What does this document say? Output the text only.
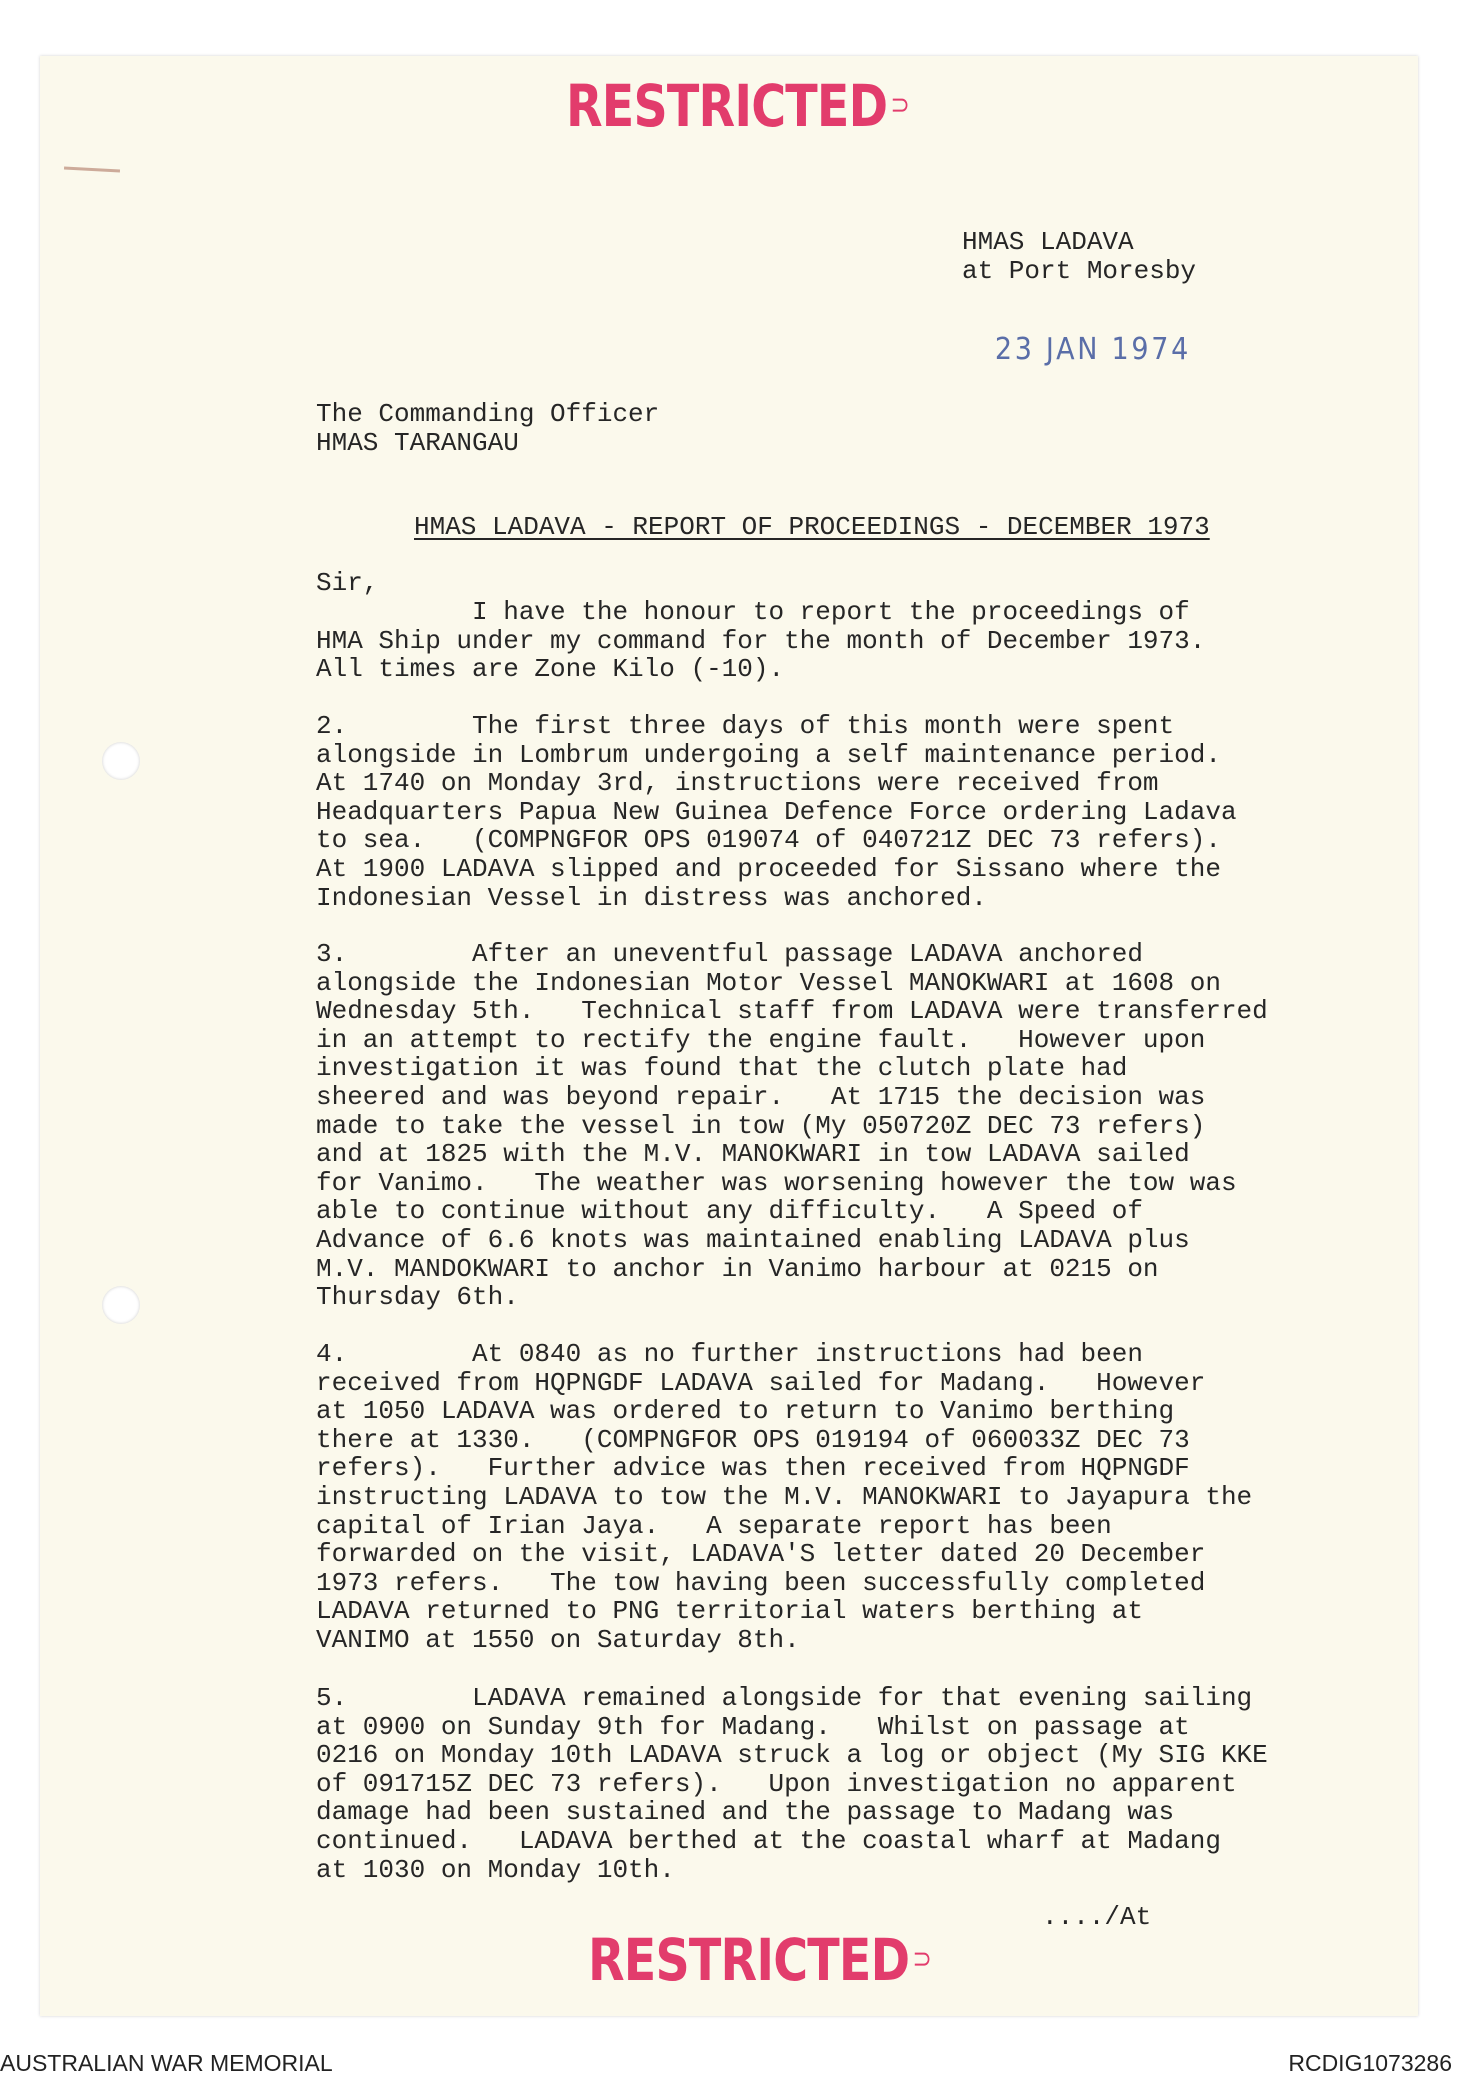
RESTRICTED ⊃
HMAS LADAVA
at Port Moresby
23 JAN 1974
The Commanding Officer
HMAS TARANGAU
HMAS LADAVA - REPORT OF PROCEEDINGS - DECEMBER 1973
Sir,
I have the honour to report the proceedings of
HMA Ship under my command for the month of December 1973.
All times are Zone Kilo (-10).
2.        The first three days of this month were spent
alongside in Lombrum undergoing a self maintenance period.
At 1740 on Monday 3rd, instructions were received from
Headquarters Papua New Guinea Defence Force ordering Ladava
to sea.   (COMPNGFOR OPS 019074 of 040721Z DEC 73 refers).
At 1900 LADAVA slipped and proceeded for Sissano where the
Indonesian Vessel in distress was anchored.
3.        After an uneventful passage LADAVA anchored
alongside the Indonesian Motor Vessel MANOKWARI at 1608 on
Wednesday 5th.   Technical staff from LADAVA were transferred
in an attempt to rectify the engine fault.   However upon
investigation it was found that the clutch plate had
sheered and was beyond repair.   At 1715 the decision was
made to take the vessel in tow (My 050720Z DEC 73 refers)
and at 1825 with the M.V. MANOKWARI in tow LADAVA sailed
for Vanimo.   The weather was worsening however the tow was
able to continue without any difficulty.   A Speed of
Advance of 6.6 knots was maintained enabling LADAVA plus
M.V. MANDOKWARI to anchor in Vanimo harbour at 0215 on
Thursday 6th.
4.        At 0840 as no further instructions had been
received from HQPNGDF LADAVA sailed for Madang.   However
at 1050 LADAVA was ordered to return to Vanimo berthing
there at 1330.   (COMPNGFOR OPS 019194 of 060033Z DEC 73
refers).   Further advice was then received from HQPNGDF
instructing LADAVA to tow the M.V. MANOKWARI to Jayapura the
capital of Irian Jaya.   A separate report has been
forwarded on the visit, LADAVA'S letter dated 20 December
1973 refers.   The tow having been successfully completed
LADAVA returned to PNG territorial waters berthing at
VANIMO at 1550 on Saturday 8th.
5.        LADAVA remained alongside for that evening sailing
at 0900 on Sunday 9th for Madang.   Whilst on passage at
0216 on Monday 10th LADAVA struck a log or object (My SIG KKE
of 091715Z DEC 73 refers).   Upon investigation no apparent
damage had been sustained and the passage to Madang was
continued.   LADAVA berthed at the coastal wharf at Madang
at 1030 on Monday 10th.
..../At
RESTRICTED ⊃
AUSTRALIAN WAR MEMORIAL	RCDIG1073286
